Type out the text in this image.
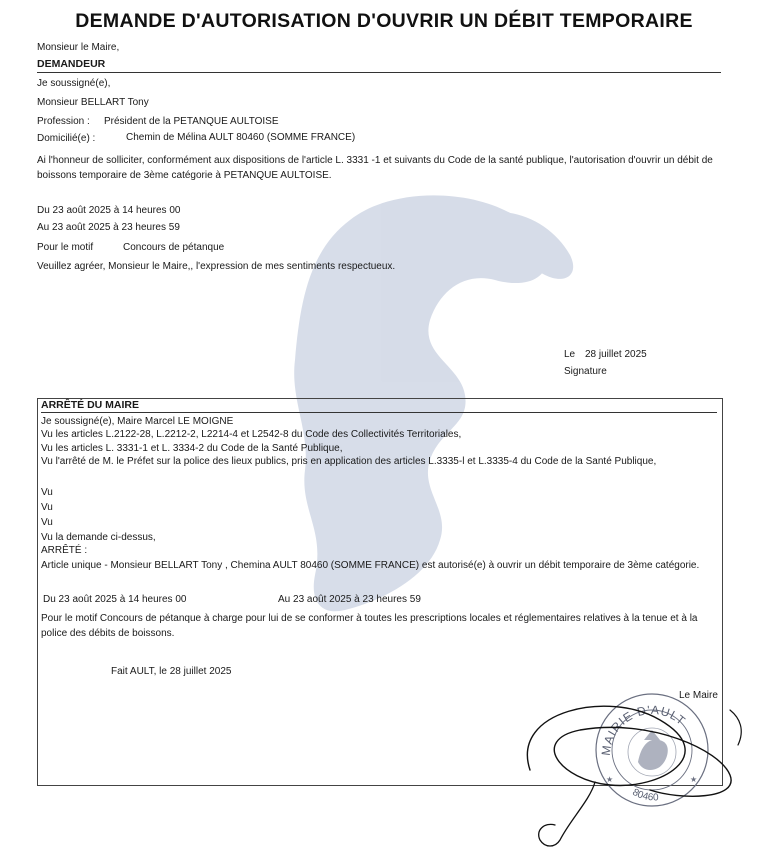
DEMANDE D'AUTORISATION D'OUVRIR UN DÉBIT TEMPORAIRE
Monsieur le Maire,
DEMANDEUR
Je soussigné(e),
Monsieur BELLART Tony
Profession : Président de la PETANQUE AULTOISE
Domicilié(e) :	Chemin de Mélina AULT 80460 (SOMME FRANCE)
Ai l'honneur de solliciter, conformément aux dispositions de l'article L. 3331 -1 et suivants du Code de la santé publique, l'autorisation d'ouvrir un débit de boissons temporaire de 3ème catégorie à PETANQUE AULTOISE.
Du 23 août 2025 à 14 heures 00
Au 23 août 2025 à 23 heures 59
Pour le motif	Concours de pétanque
Veuillez agréer, Monsieur le Maire,, l'expression de mes sentiments respectueux.
Le 28 juillet 2025
Signature
ARRÊTÉ DU MAIRE
Je soussigné(e), Maire Marcel LE MOIGNE
Vu les articles L.2122-28, L.2212-2, L2214-4 et L2542-8 du Code des Collectivités Territoriales,
Vu les articles L. 3331-1 et L. 3334-2 du Code de la Santé Publique,
Vu l'arrêté de M. le Préfet sur la police des lieux publics, pris en application des articles L.3335-l et L.3335-4 du Code de la Santé Publique,
Vu
Vu
Vu
Vu la demande ci-dessus,
ARRÊTÉ :
Article unique - Monsieur BELLART Tony , Chemina AULT 80460 (SOMME FRANCE) est autorisé(e) à ouvrir un débit temporaire de 3ème catégorie.
Du 23 août 2025 à 14 heures 00	Au 23 août 2025 à 23 heures 59
Pour le motif Concours de pétanque à charge pour lui de se conformer à toutes les prescriptions locales et réglementaires relatives à la tenue et à la police des débits de boissons.
Fait AULT, le 28 juillet 2025
Le Maire
MAIRIE D'AULT
80460
★	★
